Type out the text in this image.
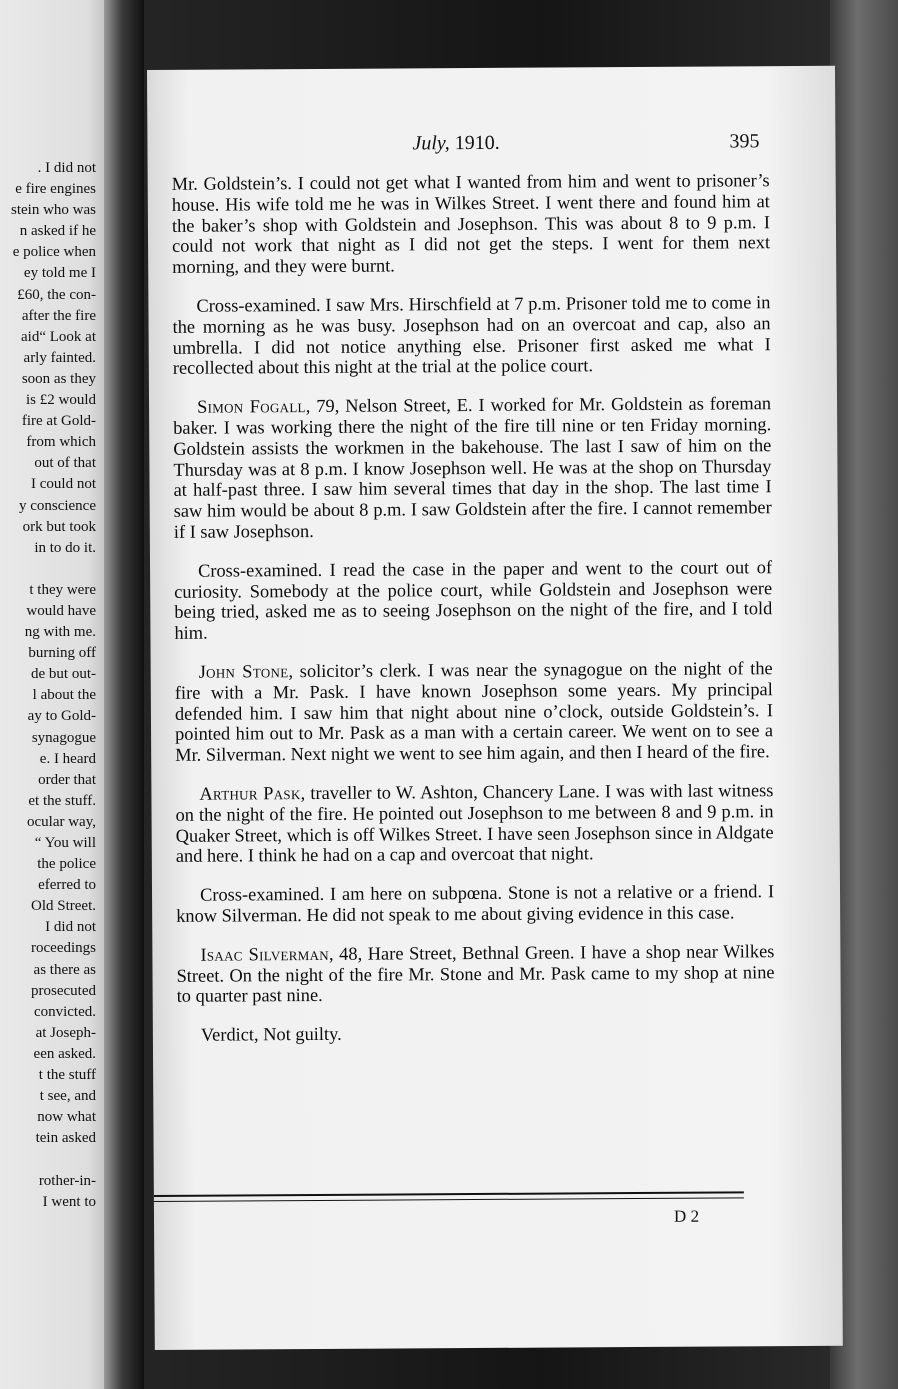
. I did not
e fire engines
stein who was
n asked if he
e police when
ey told me I
£60, the con-
after the fire
aid“ Look at
arly fainted.
soon as they
is £2 would
fire at Gold-
from which
out of that
I could not
y conscience
ork but took
in to do it.
t they were
would have
ng with me.
burning off
de but out-
l about the
ay to Gold-
synagogue
e. I heard
order that
et the stuff.
ocular way,
“ You will
the police
eferred to
Old Street.
I did not
roceedings
as there as
prosecuted
convicted.
at Joseph-
een asked.
t the stuff
t see, and
now what
tein asked
rother-in-
I went to
July, 1910.	395

Mr. Goldstein’s. I could not get what I wanted from him and went to prisoner’s house. His wife told me he was in Wilkes Street. I went there and found him at the baker’s shop with Goldstein and Josephson. This was about 8 to 9 p.m. I could not work that night as I did not get the steps. I went for them next morning, and they were burnt.

Cross-examined. I saw Mrs. Hirschfield at 7 p.m. Prisoner told me to come in the morning as he was busy. Josephson had on an overcoat and cap, also an umbrella. I did not notice anything else. Prisoner first asked me what I recollected about this night at the trial at the police court.

Simon Fogall, 79, Nelson Street, E. I worked for Mr. Goldstein as foreman baker. I was working there the night of the fire till nine or ten Friday morning. Goldstein assists the workmen in the bakehouse. The last I saw of him on the Thursday was at 8 p.m. I know Josephson well. He was at the shop on Thursday at half-past three. I saw him several times that day in the shop. The last time I saw him would be about 8 p.m. I saw Goldstein after the fire. I cannot remember if I saw Josephson.

Cross-examined. I read the case in the paper and went to the court out of curiosity. Somebody at the police court, while Goldstein and Josephson were being tried, asked me as to seeing Josephson on the night of the fire, and I told him.

John Stone, solicitor’s clerk. I was near the synagogue on the night of the fire with a Mr. Pask. I have known Josephson some years. My principal defended him. I saw him that night about nine o’clock, outside Goldstein’s. I pointed him out to Mr. Pask as a man with a certain career. We went on to see a Mr. Silverman. Next night we went to see him again, and then I heard of the fire.

Arthur Pask, traveller to W. Ashton, Chancery Lane. I was with last witness on the night of the fire. He pointed out Josephson to me between 8 and 9 p.m. in Quaker Street, which is off Wilkes Street. I have seen Josephson since in Aldgate and here. I think he had on a cap and overcoat that night.

Cross-examined. I am here on subpœna. Stone is not a relative or a friend. I know Silverman. He did not speak to me about giving evidence in this case.

Isaac Silverman, 48, Hare Street, Bethnal Green. I have a shop near Wilkes Street. On the night of the fire Mr. Stone and Mr. Pask came to my shop at nine to quarter past nine.

Verdict, Not guilty.

D 2
